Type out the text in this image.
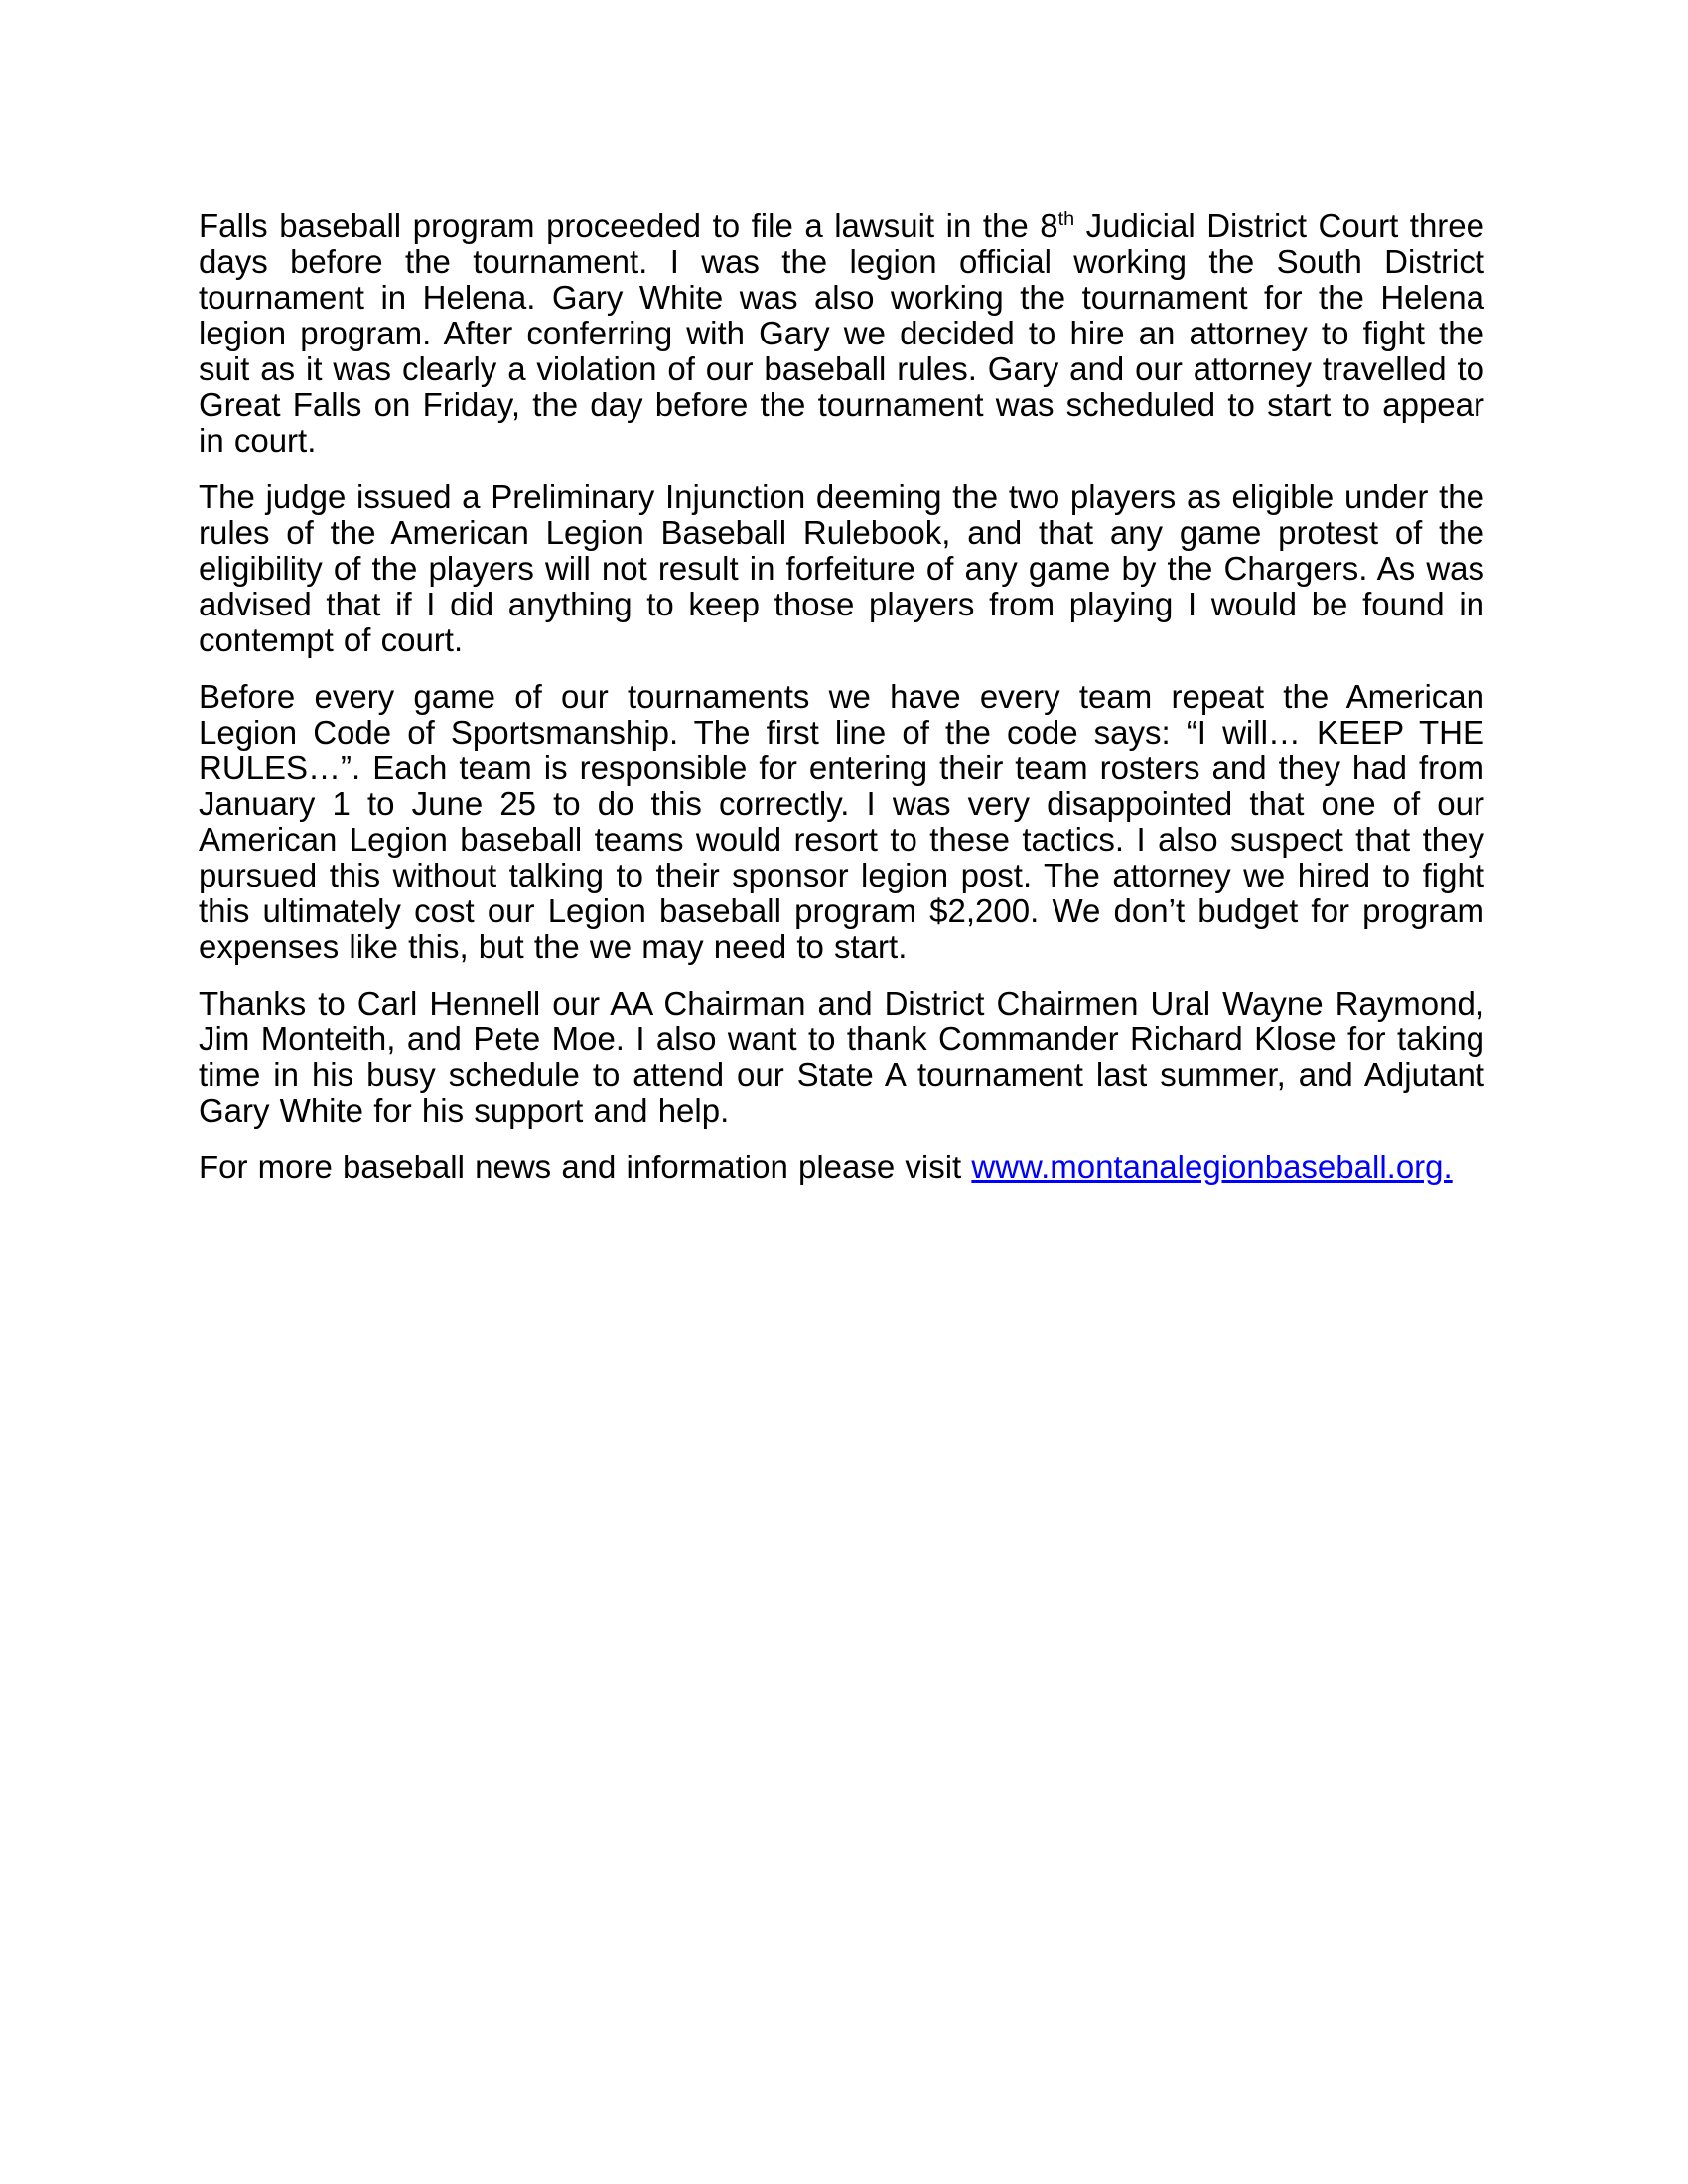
Falls baseball program proceeded to file a lawsuit in the 8th Judicial District Court three days before the tournament. I was the legion official working the South District tournament in Helena. Gary White was also working the tournament for the Helena legion program. After conferring with Gary we decided to hire an attorney to fight the suit as it was clearly a violation of our baseball rules. Gary and our attorney travelled to Great Falls on Friday, the day before the tournament was scheduled to start to appear in court.

The judge issued a Preliminary Injunction deeming the two players as eligible under the rules of the American Legion Baseball Rulebook, and that any game protest of the eligibility of the players will not result in forfeiture of any game by the Chargers. As was advised that if I did anything to keep those players from playing I would be found in contempt of court.

Before every game of our tournaments we have every team repeat the American Legion Code of Sportsmanship. The first line of the code says: “I will… KEEP THE RULES…”. Each team is responsible for entering their team rosters and they had from January 1 to June 25 to do this correctly. I was very disappointed that one of our American Legion baseball teams would resort to these tactics. I also suspect that they pursued this without talking to their sponsor legion post. The attorney we hired to fight this ultimately cost our Legion baseball program $2,200. We don’t budget for program expenses like this, but the we may need to start.

Thanks to Carl Hennell our AA Chairman and District Chairmen Ural Wayne Raymond, Jim Monteith, and Pete Moe. I also want to thank Commander Richard Klose for taking time in his busy schedule to attend our State A tournament last summer, and Adjutant Gary White for his support and help.

For more baseball news and information please visit www.montanalegionbaseball.org.
